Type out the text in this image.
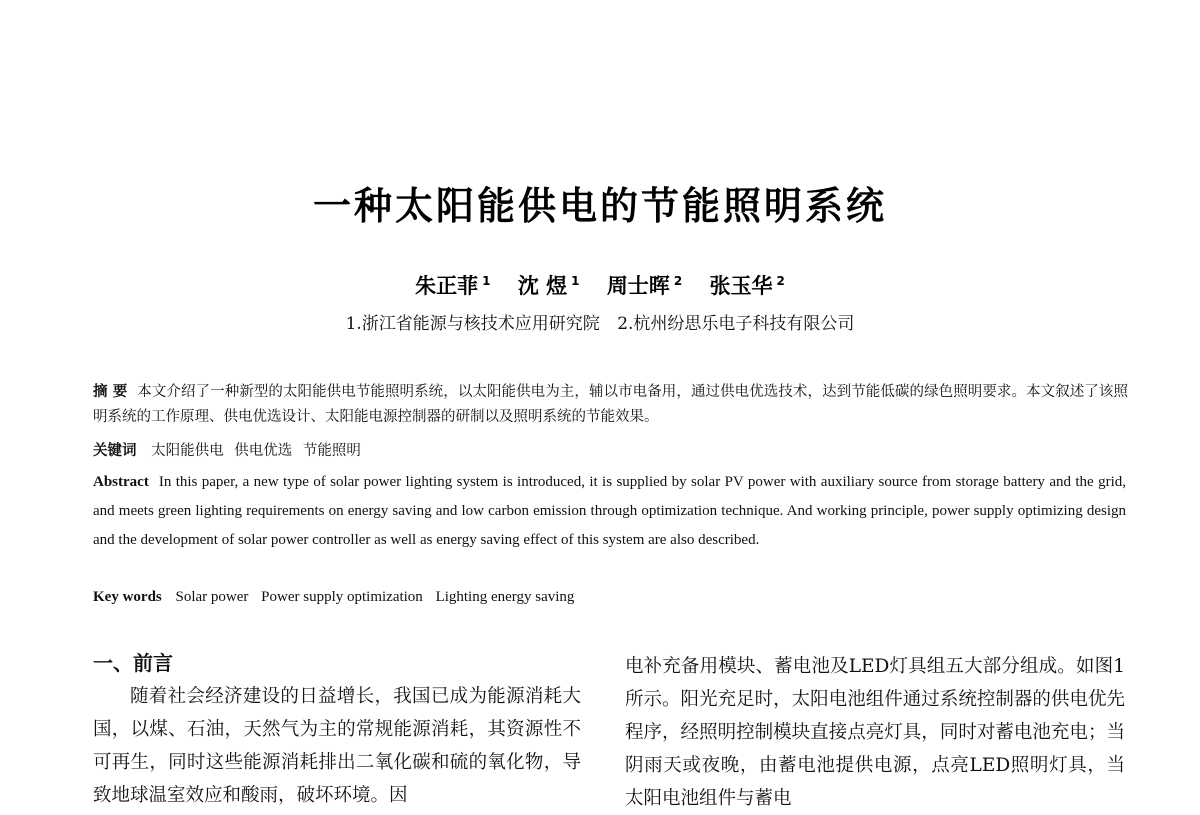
一种太阳能供电的节能照明系统
朱正菲 $^1$ 沈 煜 $^1$ 周士晖 $^2$ 张玉华 $^2$
1.浙江省能源与核技术应用研究院 2.杭州纷思乐电子科技有限公司
摘 要 本文介绍了一种新型的太阳能供电节能照明系统，以太阳能供电为主，辅以市电备用，通过供电优选技术，达到节能低碳的绿色照明要求。本文叙述了该照明系统的工作原理、供电优选设计、太阳能电源控制器的研制以及照明系统的节能效果。
关键词 太阳能供电 供电优选 节能照明
Abstract In this paper, a new type of solar power lighting system is introduced, it is supplied by solar PV power with auxiliary source from storage battery and the grid, and meets green lighting requirements on energy saving and low carbon emission through optimization technique. And working principle, power supply optimizing design and the development of solar power controller as well as energy saving effect of this system are also described.
Key words Solar power Power supply optimization Lighting energy saving
一、前言
随着社会经济建设的日益增长，我国已成为能源消耗大国，以煤、石油，天然气为主的常规能源消耗，其资源性不可再生，同时这些能源消耗排出二氧化碳和硫的氧化物，导致地球温室效应和酸雨，破坏环境。因
电补充备用模块、蓄电池及LED灯具组五大部分组成。如图1所示。阳光充足时，太阳电池组件通过系统控制器的供电优先程序，经照明控制模块直接点亮灯具，同时对蓄电池充电；当阴雨天或夜晚，由蓄电池提供电源，点亮LED照明灯具，当太阳电池组件与蓄电
